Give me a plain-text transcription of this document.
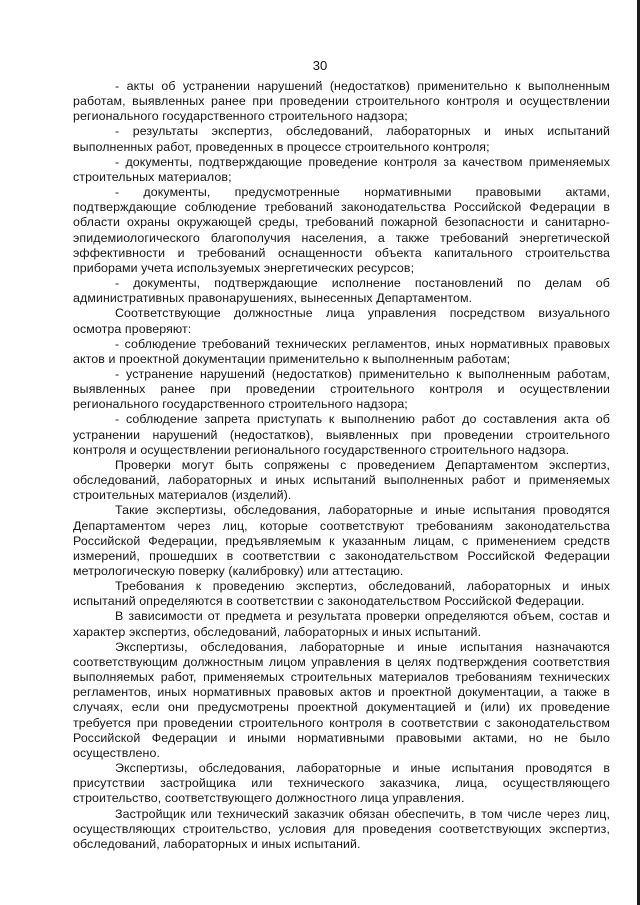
30

- акты об устранении нарушений (недостатков) применительно к выполненным работам, выявленных ранее при проведении строительного контроля и осуществлении регионального государственного строительного надзора;

- результаты экспертиз, обследований, лабораторных и иных испытаний выполненных работ, проведенных в процессе строительного контроля;

- документы, подтверждающие проведение контроля за качеством применяемых строительных материалов;

- документы, предусмотренные нормативными правовыми актами, подтверждающие соблюдение требований законодательства Российской Федерации в области охраны окружающей среды, требований пожарной безопасности и санитарно-эпидемиологического благополучия населения, а также требований энергетической эффективности и требований оснащенности объекта капитального строительства приборами учета используемых энергетических ресурсов;

- документы, подтверждающие исполнение постановлений по делам об административных правонарушениях, вынесенных Департаментом.

Соответствующие должностные лица управления посредством визуального осмотра проверяют:

- соблюдение требований технических регламентов, иных нормативных правовых актов и проектной документации применительно к выполненным работам;

- устранение нарушений (недостатков) применительно к выполненным работам, выявленных ранее при проведении строительного контроля и осуществлении регионального государственного строительного надзора;

- соблюдение запрета приступать к выполнению работ до составления акта об устранении нарушений (недостатков), выявленных при проведении строительного контроля и осуществлении регионального государственного строительного надзора.

Проверки могут быть сопряжены с проведением Департаментом экспертиз, обследований, лабораторных и иных испытаний выполненных работ и применяемых строительных материалов (изделий).

Такие экспертизы, обследования, лабораторные и иные испытания проводятся Департаментом через лиц, которые соответствуют требованиям законодательства Российской Федерации, предъявляемым к указанным лицам, с применением средств измерений, прошедших в соответствии с законодательством Российской Федерации метрологическую поверку (калибровку) или аттестацию.

Требования к проведению экспертиз, обследований, лабораторных и иных испытаний определяются в соответствии с законодательством Российской Федерации.

В зависимости от предмета и результата проверки определяются объем, состав и характер экспертиз, обследований, лабораторных и иных испытаний.

Экспертизы, обследования, лабораторные и иные испытания назначаются соответствующим должностным лицом управления в целях подтверждения соответствия выполняемых работ, применяемых строительных материалов требованиям технических регламентов, иных нормативных правовых актов и проектной документации, а также в случаях, если они предусмотрены проектной документацией и (или) их проведение требуется при проведении строительного контроля в соответствии с законодательством Российской Федерации и иными нормативными правовыми актами, но не было осуществлено.

Экспертизы, обследования, лабораторные и иные испытания проводятся в присутствии застройщика или технического заказчика, лица, осуществляющего строительство, соответствующего должностного лица управления.

Застройщик или технический заказчик обязан обеспечить, в том числе через лиц, осуществляющих строительство, условия для проведения соответствующих экспертиз, обследований, лабораторных и иных испытаний.
